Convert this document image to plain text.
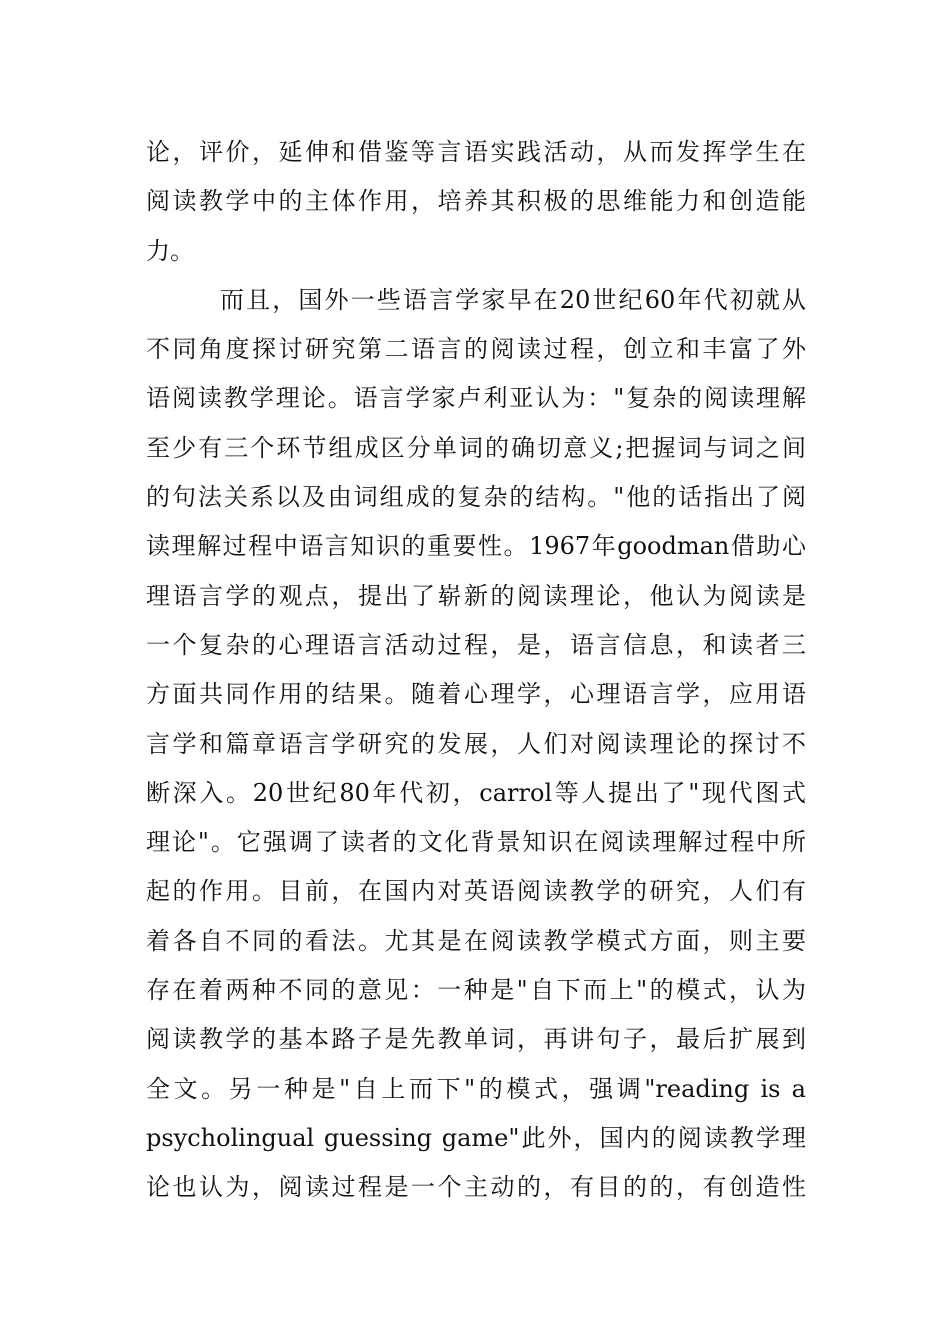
论，评价，延伸和借鉴等言语实践活动，从而发挥学生在
阅读教学中的主体作用，培养其积极的思维能力和创造能
力。
而且，国外一些语言学家早在20世纪60年代初就从
不同角度探讨研究第二语言的阅读过程，创立和丰富了外
语阅读教学理论。语言学家卢利亚认为："复杂的阅读理解
至少有三个环节组成区分单词的确切意义;把握词与词之间
的句法关系以及由词组成的复杂的结构。"他的话指出了阅
读理解过程中语言知识的重要性。1967年goodman借助心
理语言学的观点，提出了崭新的阅读理论，他认为阅读是
一个复杂的心理语言活动过程，是，语言信息，和读者三
方面共同作用的结果。随着心理学，心理语言学，应用语
言学和篇章语言学研究的发展，人们对阅读理论的探讨不
断深入。20世纪80年代初，carrol等人提出了"现代图式
理论"。它强调了读者的文化背景知识在阅读理解过程中所
起的作用。目前，在国内对英语阅读教学的研究，人们有
着各自不同的看法。尤其是在阅读教学模式方面，则主要
存在着两种不同的意见：一种是"自下而上"的模式，认为
阅读教学的基本路子是先教单词，再讲句子，最后扩展到
全文。另一种是"自上而下"的模式，强调"reading is a
psycholingual guessing game"此外，国内的阅读教学理
论也认为，阅读过程是一个主动的，有目的的，有创造性
